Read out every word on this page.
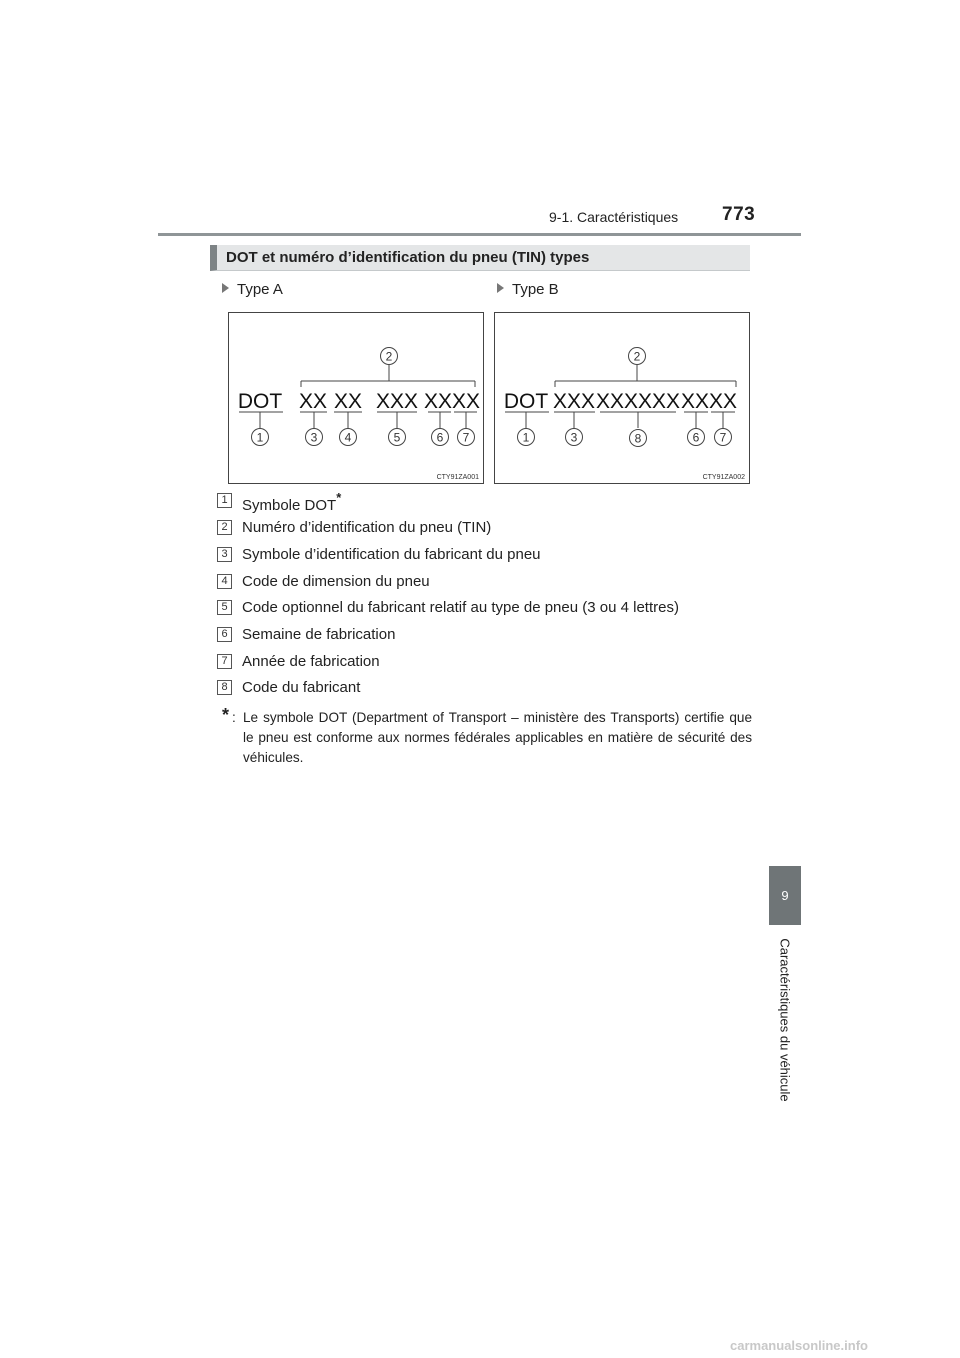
9-1. Caractéristiques 773
9
Caractéristiques du véhicule
DOT et numéro d’identification du pneu (TIN) types
Type A	Type B
2
DOT XX XX XXX XXXX
1	3 4	5	6 7
CTY91ZA001
2
DOT XXX XXXXXX XXXX
1	3	8	6 7
CTY91ZA002
1 Symbole DOT*
2 Numéro d’identification du pneu (TIN)
3 Symbole d’identification du fabricant du pneu
4 Code de dimension du pneu
5 Code optionnel du fabricant relatif au type de pneu (3 ou 4 lettres)
6 Semaine de fabrication
7 Année de fabrication
8 Code du fabricant
* : Le symbole DOT (Department of Transport – ministère des Transports) certifie que le pneu est conforme aux normes fédérales applicables en matière de sécurité des véhicules.
carmanualsonline.info
